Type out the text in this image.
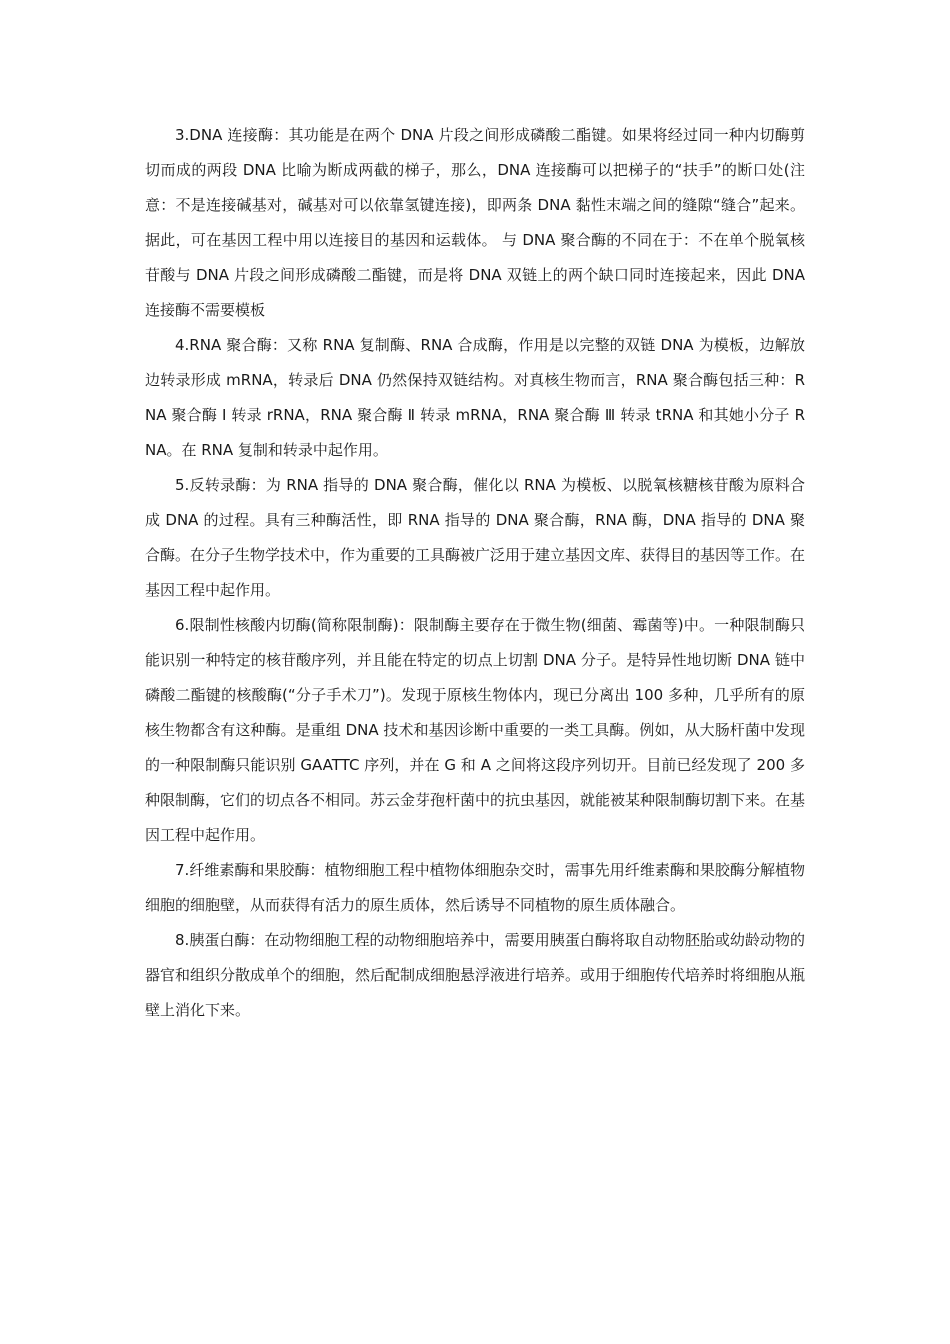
3.DNA 连接酶：其功能是在两个 DNA 片段之间形成磷酸二酯键。如果将经过同一种内切酶剪切而成的两段 DNA 比喻为断成两截的梯子，那么，DNA 连接酶可以把梯子的“扶手”的断口处(注意：不是连接碱基对，碱基对可以依靠氢键连接)，即两条 DNA 黏性末端之间的缝隙“缝合”起来。据此，可在基因工程中用以连接目的基因和运载体。 与 DNA 聚合酶的不同在于：不在单个脱氧核苷酸与 DNA 片段之间形成磷酸二酯键，而是将 DNA 双链上的两个缺口同时连接起来，因此 DNA 连接酶不需要模板

4.RNA 聚合酶：又称 RNA 复制酶、RNA 合成酶，作用是以完整的双链 DNA 为模板，边解放边转录形成 mRNA，转录后 DNA 仍然保持双链结构。对真核生物而言，RNA 聚合酶包括三种：RNA 聚合酶 I 转录 rRNA，RNA 聚合酶 Ⅱ 转录 mRNA，RNA 聚合酶 Ⅲ 转录 tRNA 和其她小分子 RNA。在 RNA 复制和转录中起作用。

5.反转录酶：为 RNA 指导的 DNA 聚合酶，催化以 RNA 为模板、以脱氧核糖核苷酸为原料合成 DNA 的过程。具有三种酶活性，即 RNA 指导的 DNA 聚合酶，RNA 酶，DNA 指导的 DNA 聚合酶。在分子生物学技术中，作为重要的工具酶被广泛用于建立基因文库、获得目的基因等工作。在基因工程中起作用。

6.限制性核酸内切酶(简称限制酶)：限制酶主要存在于微生物(细菌、霉菌等)中。一种限制酶只能识别一种特定的核苷酸序列，并且能在特定的切点上切割 DNA 分子。是特异性地切断 DNA 链中磷酸二酯键的核酸酶(“分子手术刀”)。发现于原核生物体内，现已分离出 100 多种，几乎所有的原核生物都含有这种酶。是重组 DNA 技术和基因诊断中重要的一类工具酶。例如，从大肠杆菌中发现的一种限制酶只能识别 GAATTC 序列，并在 G 和 A 之间将这段序列切开。目前已经发现了 200 多种限制酶，它们的切点各不相同。苏云金芽孢杆菌中的抗虫基因，就能被某种限制酶切割下来。在基因工程中起作用。

7.纤维素酶和果胶酶：植物细胞工程中植物体细胞杂交时，需事先用纤维素酶和果胶酶分解植物细胞的细胞壁，从而获得有活力的原生质体，然后诱导不同植物的原生质体融合。

8.胰蛋白酶：在动物细胞工程的动物细胞培养中，需要用胰蛋白酶将取自动物胚胎或幼龄动物的器官和组织分散成单个的细胞，然后配制成细胞悬浮液进行培养。或用于细胞传代培养时将细胞从瓶壁上消化下来。
